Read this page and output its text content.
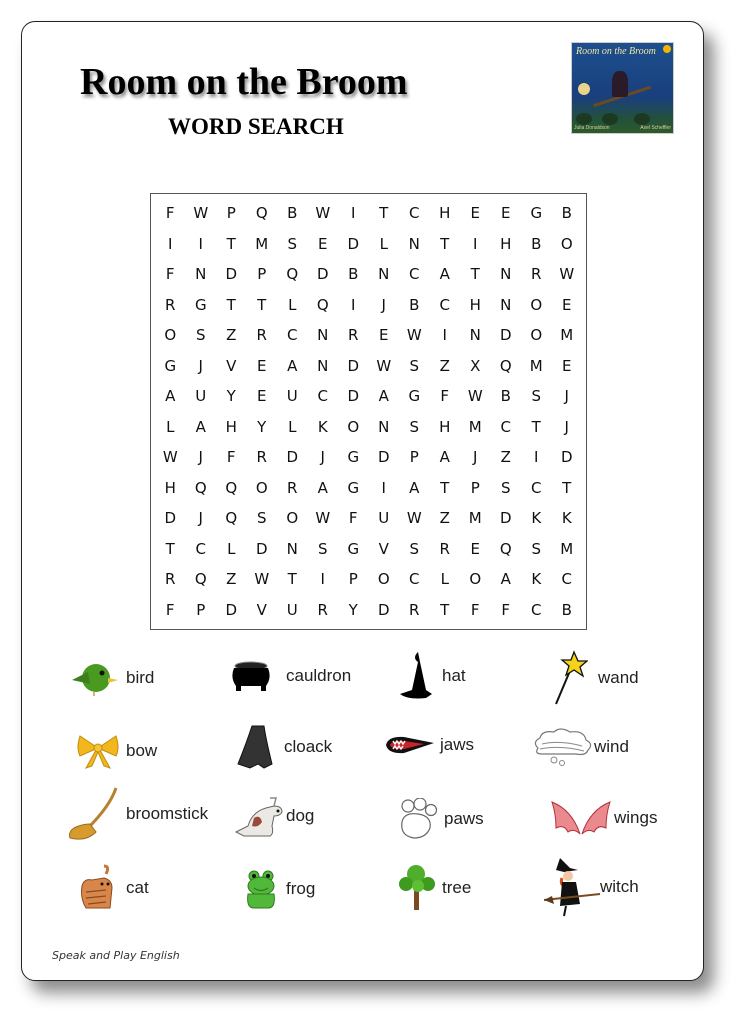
Room on the Broom
WORD SEARCH
Room on the Broom
Julia Donaldson	Axel Scheffler
F	W	P	Q	B	W	I	T	C	H	E	E	G	B
I	I	T	M	S	E	D	L	N	T	I	H	B	O
F	N	D	P	Q	D	B	N	C	A	T	N	R	W
R	G	T	T	L	Q	I	J	B	C	H	N	O	E
O	S	Z	R	C	N	R	E	W	I	N	D	O	M
G	J	V	E	A	N	D	W	S	Z	X	Q	M	E
A	U	Y	E	U	C	D	A	G	F	W	B	S	J
L	A	H	Y	L	K	O	N	S	H	M	C	T	J
W	J	F	R	D	J	G	D	P	A	J	Z	I	D
H	Q	Q	O	R	A	G	I	A	T	P	S	C	T
D	J	Q	S	O	W	F	U	W	Z	M	D	K	K
T	C	L	D	N	S	G	V	S	R	E	Q	S	M
R	Q	Z	W	T	I	P	O	C	L	O	A	K	C
F	P	D	V	U	R	Y	D	R	T	F	F	C	B
bird	cauldron	hat	wand
bow	cloack	jaws	wind
broomstick	dog	paws	wings
cat	frog	tree	witch
Speak and Play English
